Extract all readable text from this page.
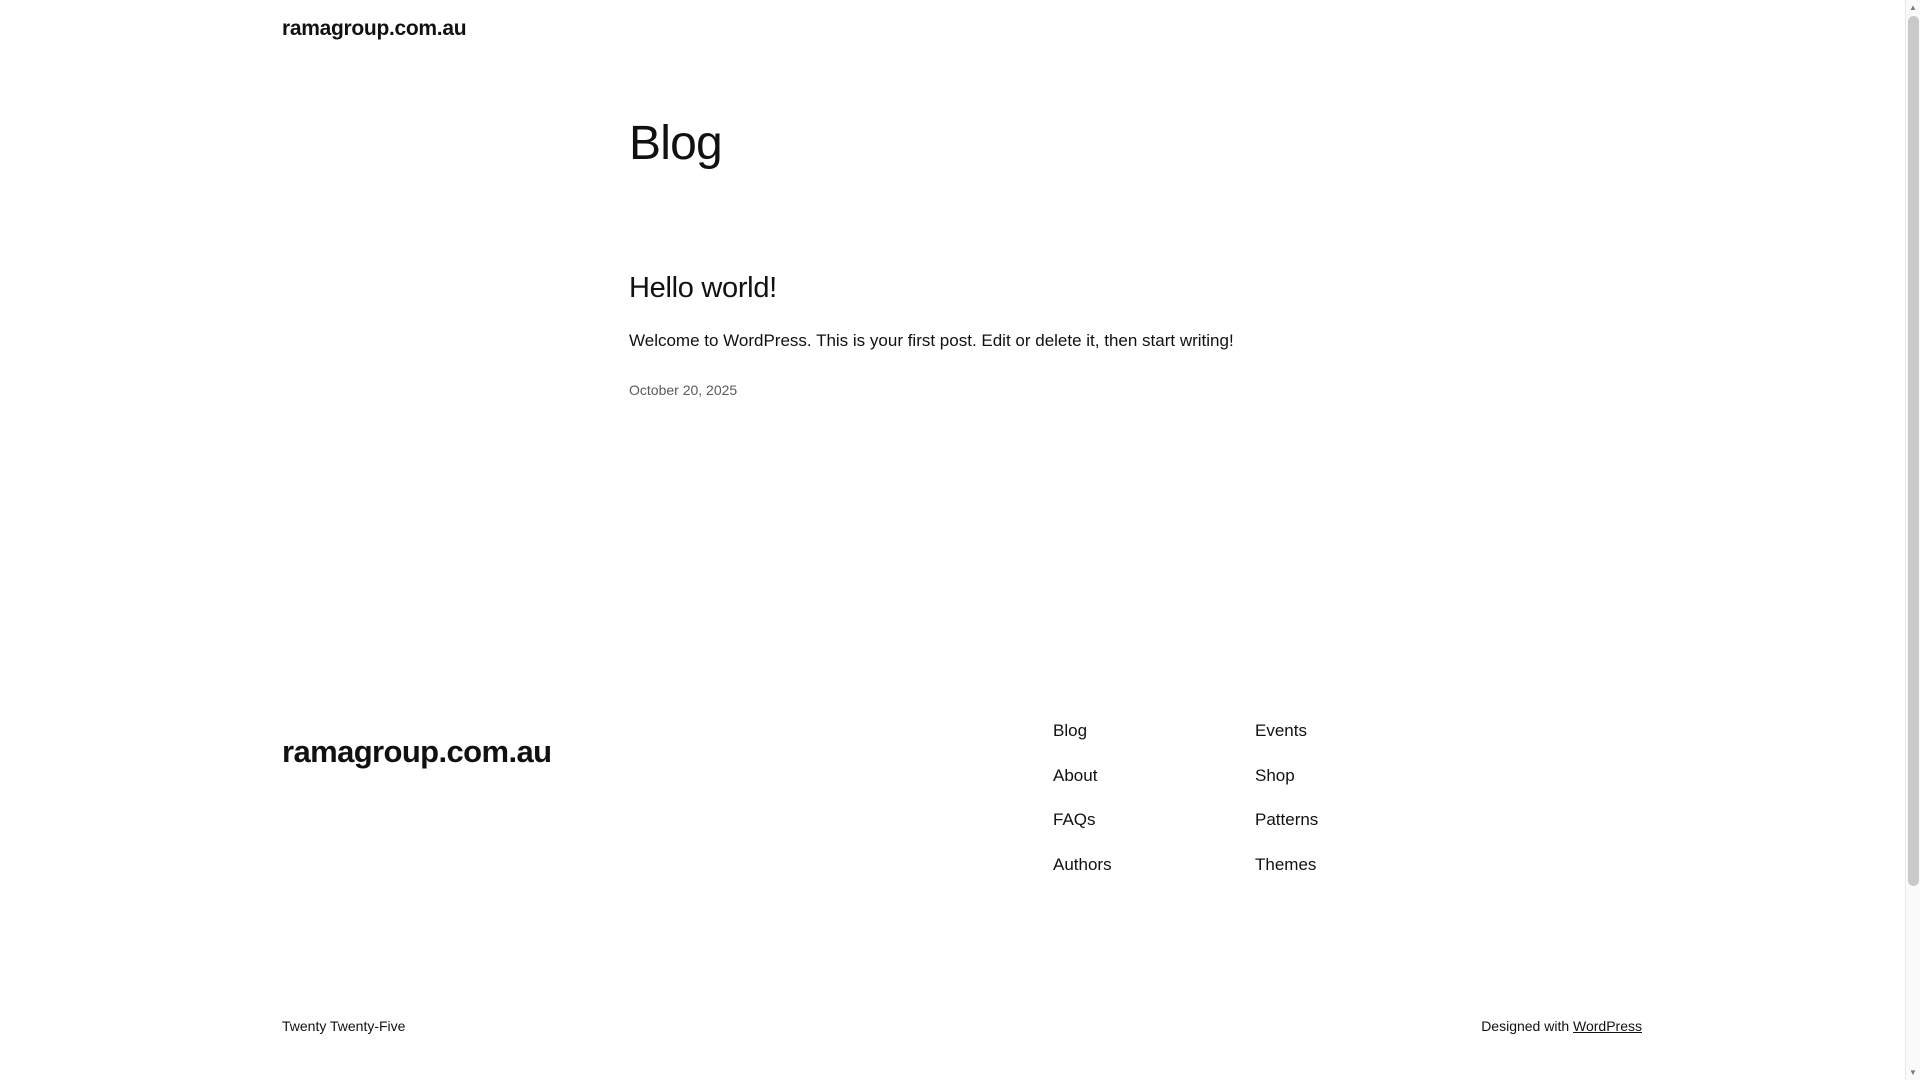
ramagroup.com.au
Blog
Hello world!

Welcome to WordPress. This is your first post. Edit or delete it, then start writing!

October 20, 2025

ramagroup.com.au
Blog
About
FAQs
Authors
Events
Shop
Patterns
Themes
Twenty Twenty-Five	Designed with WordPress
▲
▼
